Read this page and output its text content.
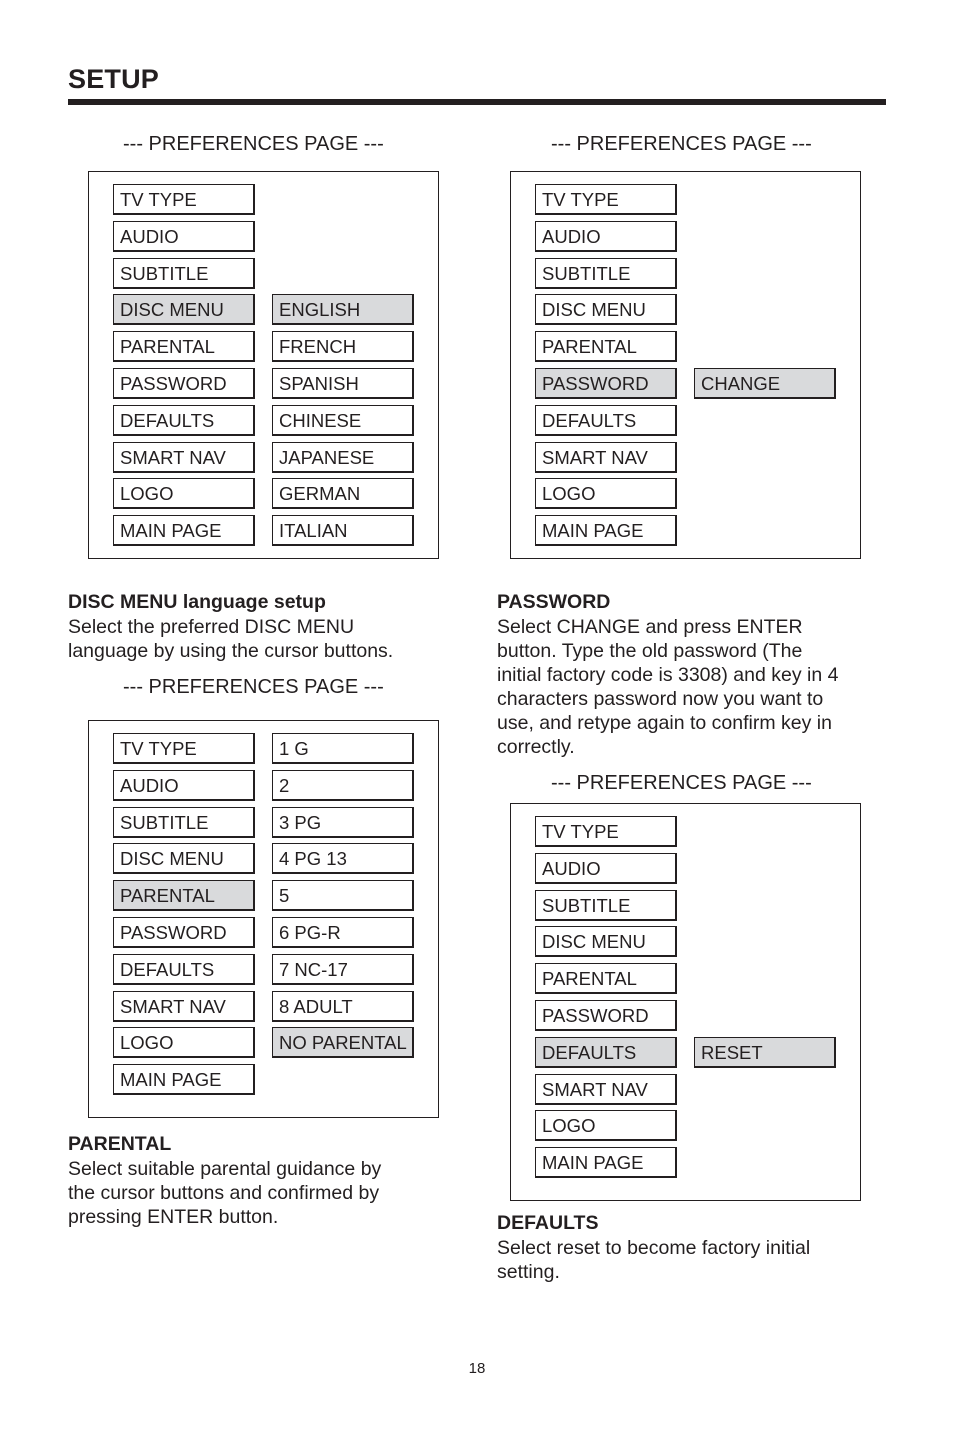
SETUP
--- PREFERENCES PAGE ---
TV TYPE
AUDIO
SUBTITLE
DISC MENU
PARENTAL
PASSWORD
DEFAULTS
SMART NAV
LOGO
MAIN PAGE
ENGLISH
FRENCH
SPANISH
CHINESE
JAPANESE
GERMAN
ITALIAN
--- PREFERENCES PAGE ---
TV TYPE
AUDIO
SUBTITLE
DISC MENU
PARENTAL
PASSWORD
DEFAULTS
SMART NAV
LOGO
MAIN PAGE
CHANGE
--- PREFERENCES PAGE ---
TV TYPE
AUDIO
SUBTITLE
DISC MENU
PARENTAL
PASSWORD
DEFAULTS
SMART NAV
LOGO
MAIN PAGE
1 G
2
3 PG
4 PG 13
5
6 PG-R
7 NC-17
8 ADULT
NO PARENTAL
--- PREFERENCES PAGE ---
TV TYPE
AUDIO
SUBTITLE
DISC MENU
PARENTAL
PASSWORD
DEFAULTS
SMART NAV
LOGO
MAIN PAGE
RESET
DISC MENU language setup
Select the preferred DISC MENU
language by using the cursor buttons.
PASSWORD
Select CHANGE and press ENTER
button. Type the old password (The
initial factory code is 3308) and key in 4
characters password now you want to
use, and retype again to confirm key in
correctly.
PARENTAL
Select suitable parental guidance by
the cursor buttons and confirmed by
pressing ENTER button.	DEFAULTS
Select reset to become factory initial
setting.
18
